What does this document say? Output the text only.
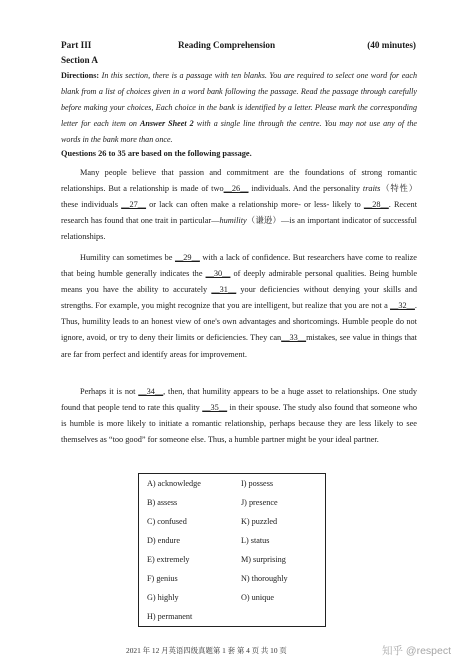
Part III	Reading Comprehension	(40 minutes)
Section A
Directions: In this section, there is a passage with ten blanks. You are required to select one word for each blank from a list of choices given in a word bank following the passage. Read the passage through carefully before making your choices, Each choice in the bank is identified by a letter. Please mark the corresponding letter for each item on Answer Sheet 2 with a single line through the centre. You may not use any of the words in the bank more than once.
Questions 26 to 35 are based on the following passage.
Many people believe that passion and commitment are the foundations of strong romantic relationships. But a relationship is made of two__26__ individuals. And the personality traits（特性） these individuals __27__ or lack can often make a relationship more- or less- likely to __28__. Recent research has found that one trait in particular—humility（谦逊）—is an important indicator of successful relationships.
Humility can sometimes be __29__ with a lack of confidence. But researchers have come to realize that being humble generally indicates the __30__ of deeply admirable personal qualities. Being humble means you have the ability to accurately __31__ your deficiencies without denying your skills and strengths. For example, you might recognize that you are intelligent, but realize that you are not a __32__. Thus, humility leads to an honest view of one's own advantages and shortcomings. Humble people do not ignore, avoid, or try to deny their limits or deficiencies. They can__33__mistakes, see value in things that are far from perfect and identify areas for improvement.
Perhaps it is not __34__, then, that humility appears to be a huge asset to relationships. One study found that people tend to rate this quality __35__ in their spouse. The study also found that someone who is humble is more likely to initiate a romantic relationship, perhaps because they are less likely to see themselves as “too good” for someone else. Thus, a humble partner might be your ideal partner.
A) acknowledge
B) assess
C) confused
D) endure
E) extremely
F) genius
G) highly
H) permanent
I) possess
J) presence
K) puzzled
L) status
M) surprising
N) thoroughly
O) unique
2021 年 12 月英语四级真题第 1 套 第 4 页 共 10 页	知乎 @respect
